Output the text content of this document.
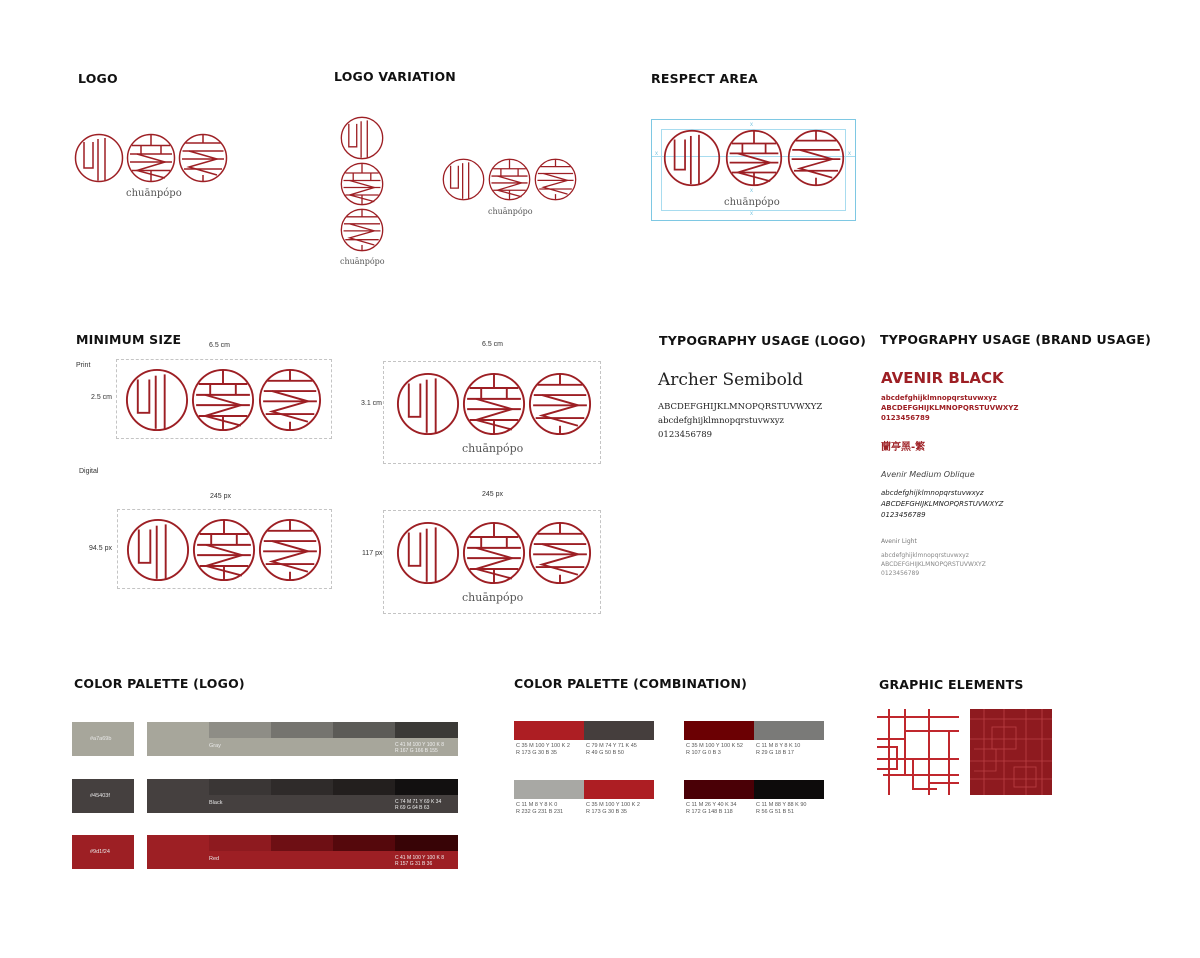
LOGO
chuānpópo
LOGO VARIATION
chuānpópo
chuānpópo
RESPECT AREA
chuānpópo
x	x
x
x
x
MINIMUM SIZE
Print
Digital
6.5 cm
2.5 cm
6.5 cm
3.1 cm
chuānpópo
245 px
94.5 px
245 px
117 px
chuānpópo
TYPOGRAPHY USAGE (LOGO)
Archer Semibold
ABCDEFGHIJKLMNOPQRSTUVWXYZ
abcdefghijklmnopqrstuvwxyz
0123456789
TYPOGRAPHY USAGE (BRAND USAGE)
AVENIR BLACK
abcdefghijklmnopqrstuvwxyz
ABCDEFGHIJKLMNOPQRSTUVWXYZ
0123456789
蘭亭黑-繁
Avenir Medium Oblique
abcdefghijklmnopqrstuvwxyz
ABCDEFGHIJKLMNOPQRSTUVWXYZ
0123456789
Avenir Light
abcdefghijklmnopqrstuvwxyz
ABCDEFGHIJKLMNOPQRSTUVWXYZ
0123456789
COLOR PALETTE (LOGO)
#a7a69b
Gray	C 41 M 100 Y 100 K 8
R 167 G 166 B 155
#45403f
Black	C 74 M 71 Y 69 K 34
R 69 G 64 B 63
#9d1f24
Red	C 41 M 100 Y 100 K 8
R 157 G 31 B 36
COLOR PALETTE (COMBINATION)
C 35 M 100 Y 100 K 2
R 173 G 30 B 35
C 79 M 74 Y 71 K 45
R 49 G 50 B 50
C 35 M 100 Y 100 K 52
R 107 G 0 B 3
C 11 M 8 Y 8 K 10
R 29 G 18 B 17
C 11 M 8 Y 8 K 0
R 232 G 231 B 231
C 35 M 100 Y 100 K 2
R 173 G 30 B 35
C 11 M 26 Y 40 K 34
R 172 G 148 B 118
C 11 M 88 Y 88 K 90
R 56 G 51 B 51
GRAPHIC ELEMENTS
